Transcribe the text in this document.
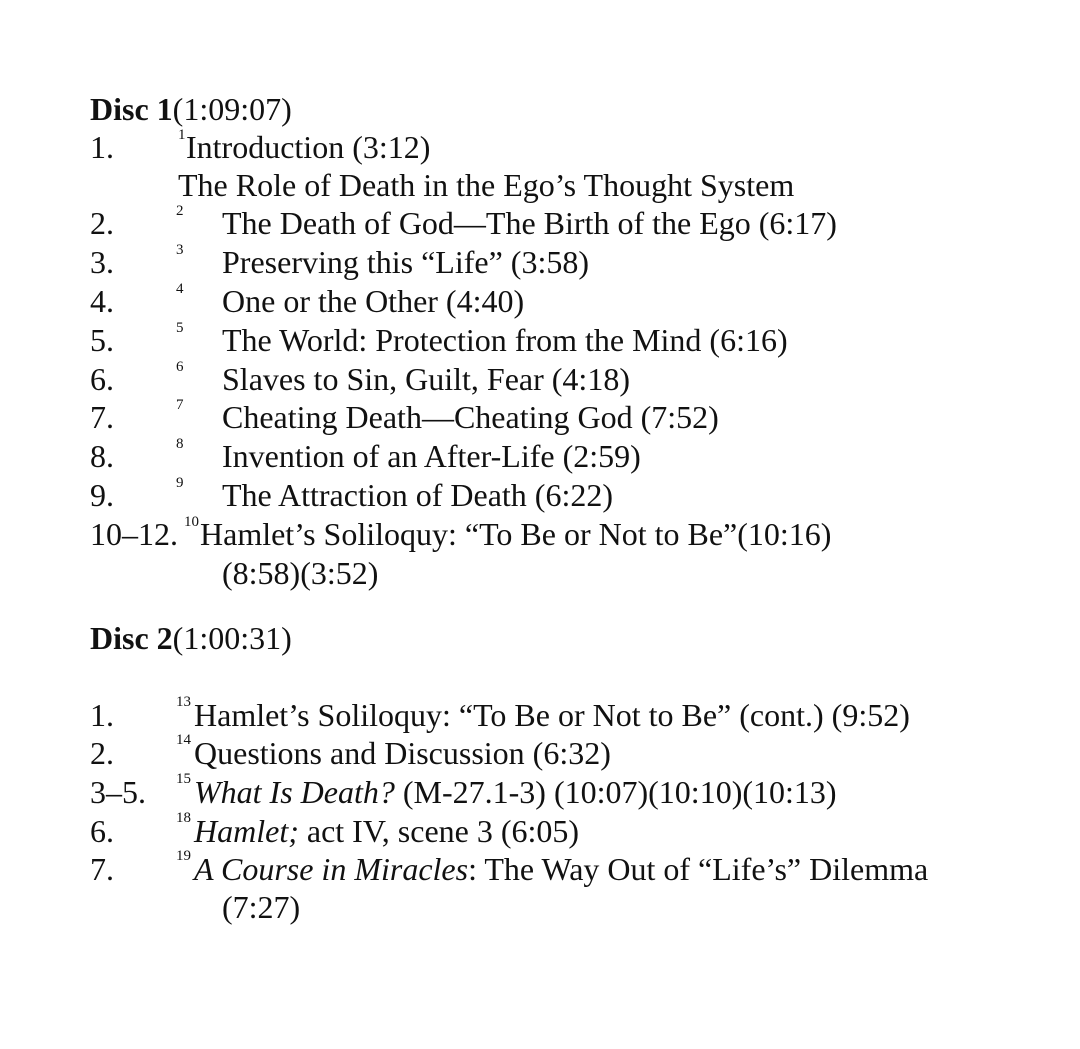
Disc 1(1:09:07)
1.	1 Introduction (3:12)
The Role of Death in the Ego’s Thought System
2.	2 The Death of God—The Birth of the Ego (6:17)
3.	3 Preserving this “Life” (3:58)
4.	4 One or the Other (4:40)
5.	5 The World: Protection from the Mind (6:16)
6.	6 Slaves to Sin, Guilt, Fear (4:18)
7.	7 Cheating Death—Cheating God (7:52)
8.	8 Invention of an After-Life (2:59)
9.	9 The Attraction of Death (6:22)
10–12. 10 Hamlet’s Soliloquy: “To Be or Not to Be”(10:16)
(8:58)(3:52)
Disc 2(1:00:31)
1.	13 Hamlet’s Soliloquy: “To Be or Not to Be” (cont.) (9:52)
2.	14 Questions and Discussion (6:32)
3–5. 15 What Is Death? (M-27.1-3) (10:07)(10:10)(10:13)
6.	18 Hamlet; act IV, scene 3 (6:05)
7.	19 A Course in Miracles: The Way Out of “Life’s” Dilemma
(7:27)
